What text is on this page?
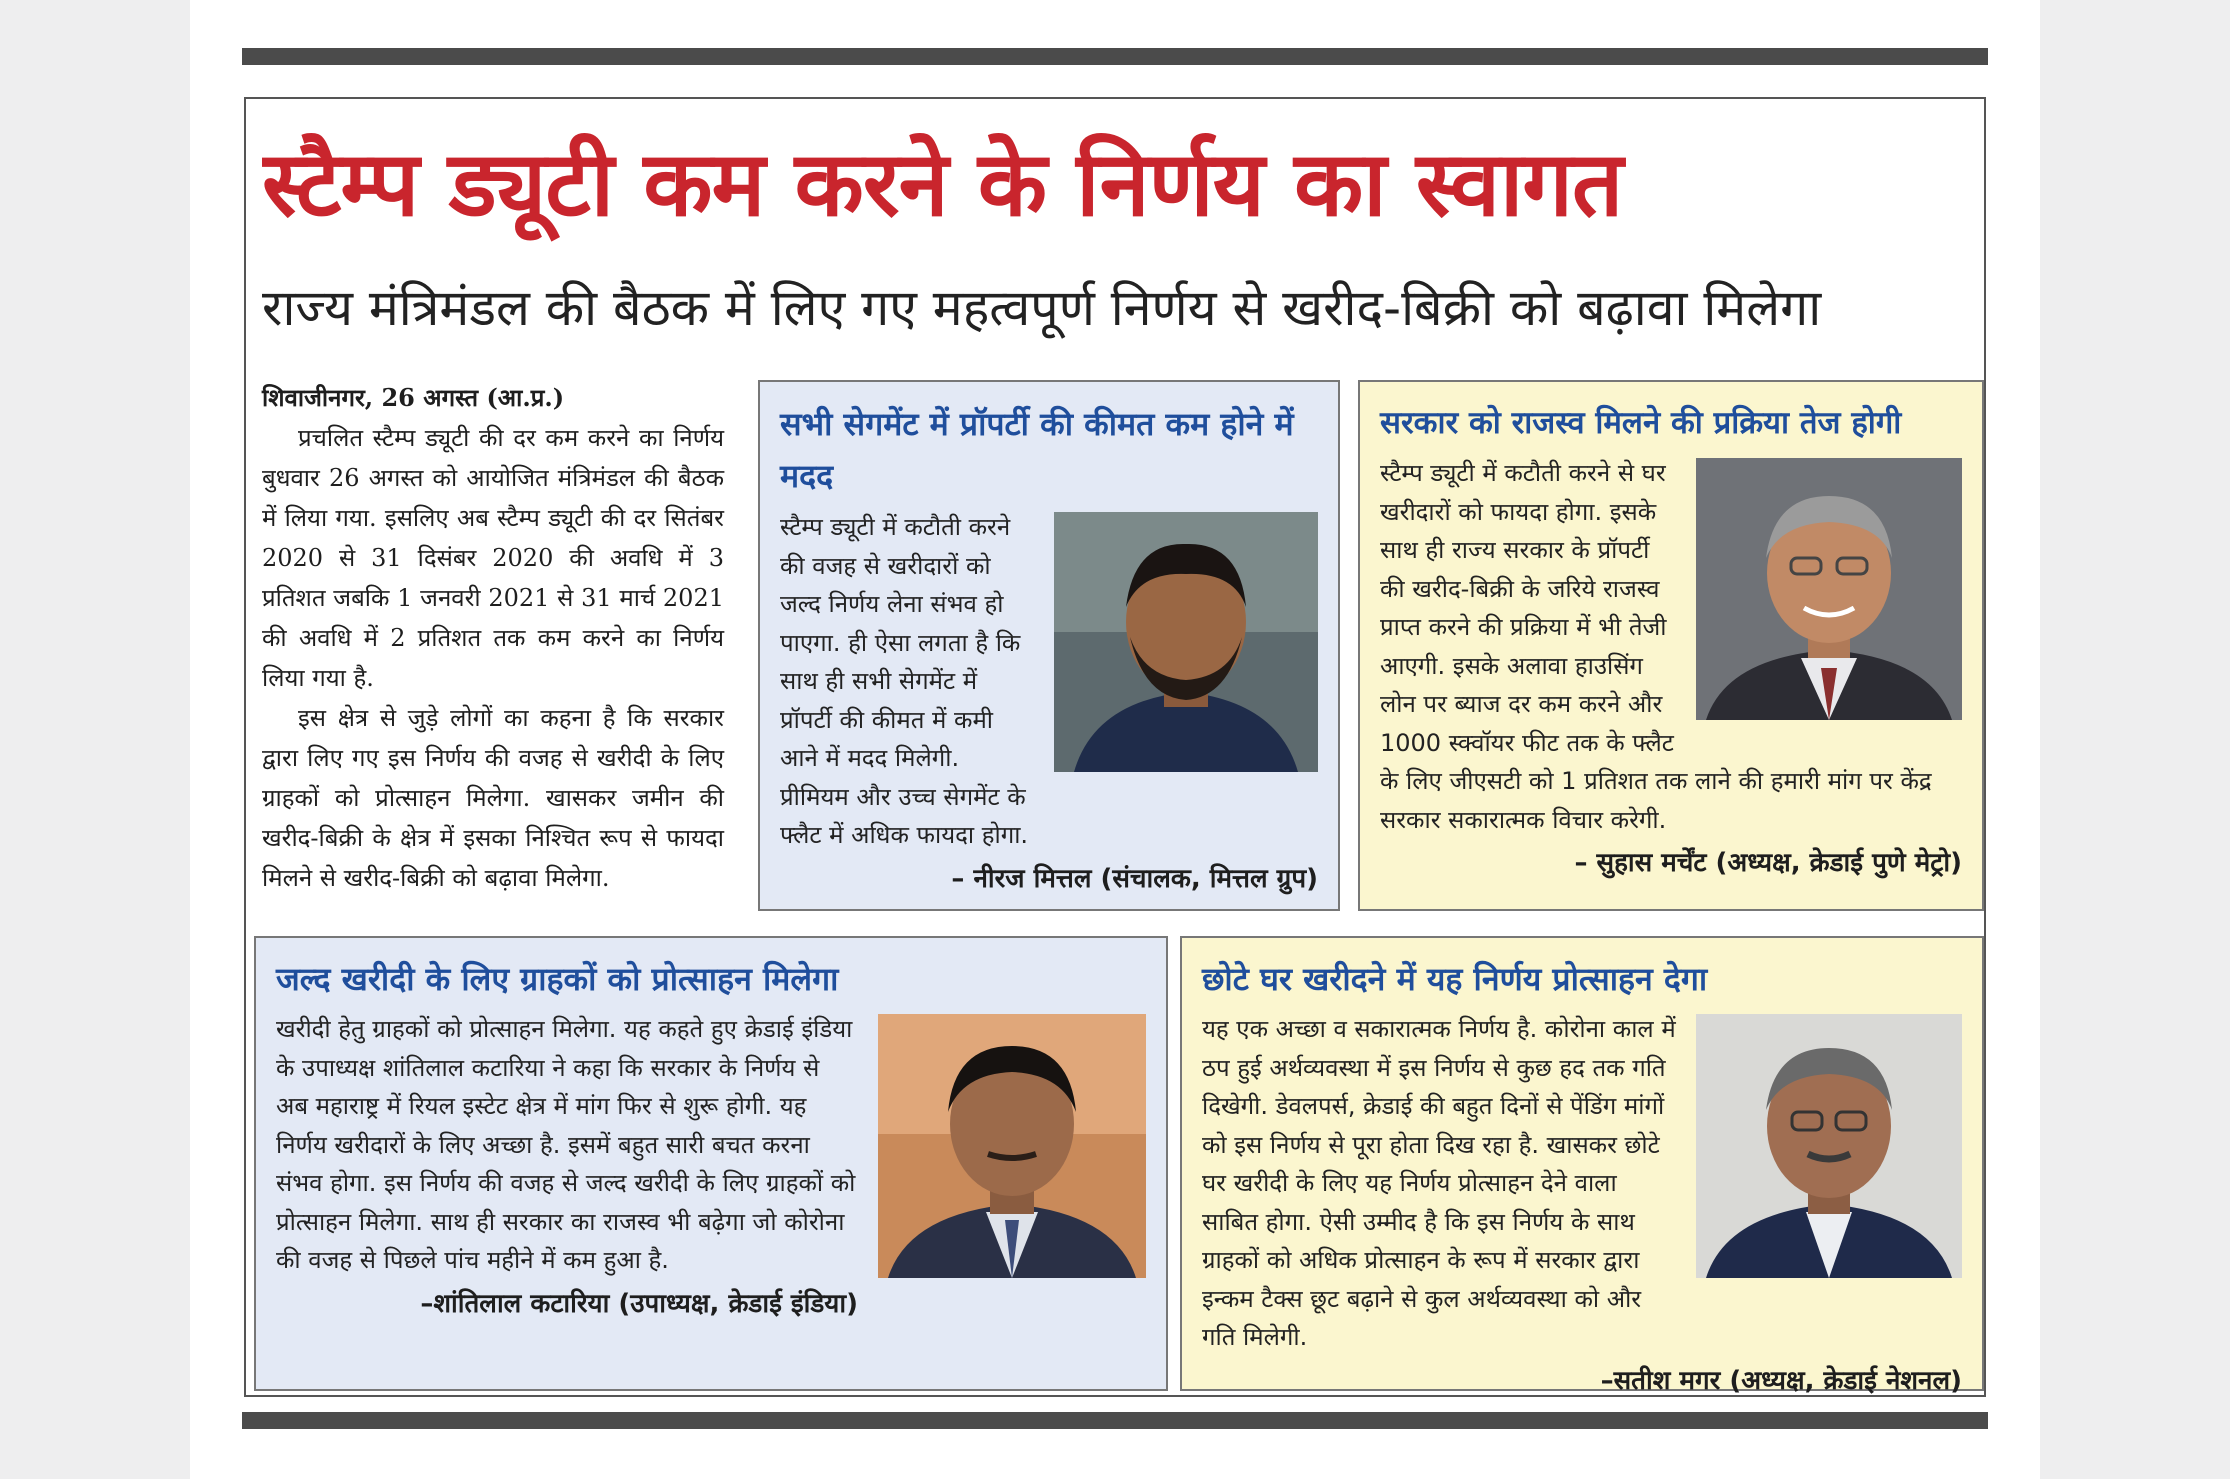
स्टैम्प ड्यूटी कम करने के निर्णय का स्वागत
राज्य मंत्रिमंडल की बैठक में लिए गए महत्वपूर्ण निर्णय से खरीद-बिक्री को बढ़ावा मिलेगा
शिवाजीनगर, 26 अगस्त (आ.प्र.)

प्रचलित स्टैम्प ड्यूटी की दर कम करने का निर्णय बुधवार 26 अगस्त को आयोजित मंत्रिमंडल की बैठक में लिया गया. इसलिए अब स्टैम्प ड्यूटी की दर सितंबर 2020 से 31 दिसंबर 2020 की अवधि में 3 प्रतिशत जबकि 1 जनवरी 2021 से 31 मार्च 2021 की अवधि में 2 प्रतिशत तक कम करने का निर्णय लिया गया है.

इस क्षेत्र से जुड़े लोगों का कहना है कि सरकार द्वारा लिए गए इस निर्णय की वजह से खरीदी के लिए ग्राहकों को प्रोत्साहन मिलेगा. खासकर जमीन की खरीद-बिक्री के क्षेत्र में इसका निश्चित रूप से फायदा मिलने से खरीद-बिक्री को बढ़ावा मिलेगा.

सभी सेगमेंट में प्रॉपर्टी की कीमत कम होने में मदद
स्टैम्प ड्यूटी में कटौती करने की वजह से खरीदारों को जल्द निर्णय लेना संभव हो पाएगा. ही ऐसा लगता है कि साथ ही सभी सेगमेंट में प्रॉपर्टी की कीमत में कमी आने में मदद मिलेगी. प्रीमियम और उच्च सेगमेंट के फ्लैट में अधिक फायदा होगा.
– नीरज मित्तल (संचालक, मित्तल ग्रुप)
सरकार को राजस्व मिलने की प्रक्रिया तेज होगी
स्टैम्प ड्यूटी में कटौती करने से घर खरीदारों को फायदा होगा. इसके साथ ही राज्य सरकार के प्रॉपर्टी की खरीद-बिक्री के जरिये राजस्व प्राप्त करने की प्रक्रिया में भी तेजी आएगी. इसके अलावा हाउसिंग लोन पर ब्याज दर कम करने और 1000 स्क्वॉयर फीट तक के फ्लैट के लिए जीएसटी को 1 प्रतिशत तक लाने की हमारी मांग पर केंद्र सरकार सकारात्मक विचार करेगी.
– सुहास मर्चेंट (अध्यक्ष, क्रेडाई पुणे मेट्रो)
जल्द खरीदी के लिए ग्राहकों को प्रोत्साहन मिलेगा
खरीदी हेतु ग्राहकों को प्रोत्साहन मिलेगा. यह कहते हुए क्रेडाई इंडिया के उपाध्यक्ष शांतिलाल कटारिया ने कहा कि सरकार के निर्णय से अब महाराष्ट्र में रियल इस्टेट क्षेत्र में मांग फिर से शुरू होगी. यह निर्णय खरीदारों के लिए अच्छा है. इसमें बहुत सारी बचत करना संभव होगा. इस निर्णय की वजह से जल्द खरीदी के लिए ग्राहकों को प्रोत्साहन मिलेगा. साथ ही सरकार का राजस्व भी बढ़ेगा जो कोरोना की वजह से पिछले पांच महीने में कम हुआ है.
–शांतिलाल कटारिया (उपाध्यक्ष, क्रेडाई इंडिया)
छोटे घर खरीदने में यह निर्णय प्रोत्साहन देगा
यह एक अच्छा व सकारात्मक निर्णय है. कोरोना काल में ठप हुई अर्थव्यवस्था में इस निर्णय से कुछ हद तक गति दिखेगी. डेवलपर्स, क्रेडाई की बहुत दिनों से पेंडिंग मांगों को इस निर्णय से पूरा होता दिख रहा है. खासकर छोटे घर खरीदी के लिए यह निर्णय प्रोत्साहन देने वाला साबित होगा. ऐसी उम्मीद है कि इस निर्णय के साथ ग्राहकों को अधिक प्रोत्साहन के रूप में सरकार द्वारा इन्कम टैक्स छूट बढ़ाने से कुल अर्थव्यवस्था को और गति मिलेगी.
–सतीश मगर (अध्यक्ष, क्रेडाई नेशनल)
